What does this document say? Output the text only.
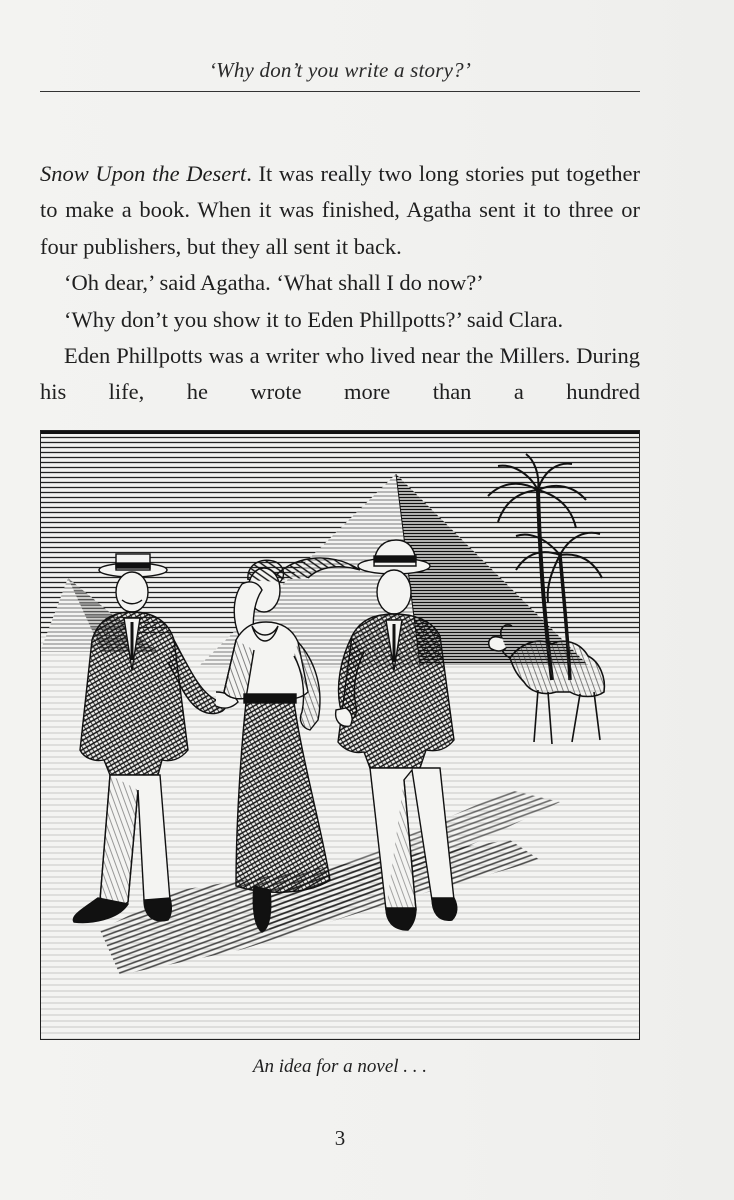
‘Why don’t you write a story?’

Snow Upon the Desert. It was really two long stories put together to make a book. When it was finished, Agatha sent it to three or four publishers, but they all sent it back.

‘Oh dear,’ said Agatha. ‘What shall I do now?’

‘Why don’t you show it to Eden Phillpotts?’ said Clara.

Eden Phillpotts was a writer who lived near the Millers. During his life, he wrote more than a hundred

An idea for a novel . . .
3
